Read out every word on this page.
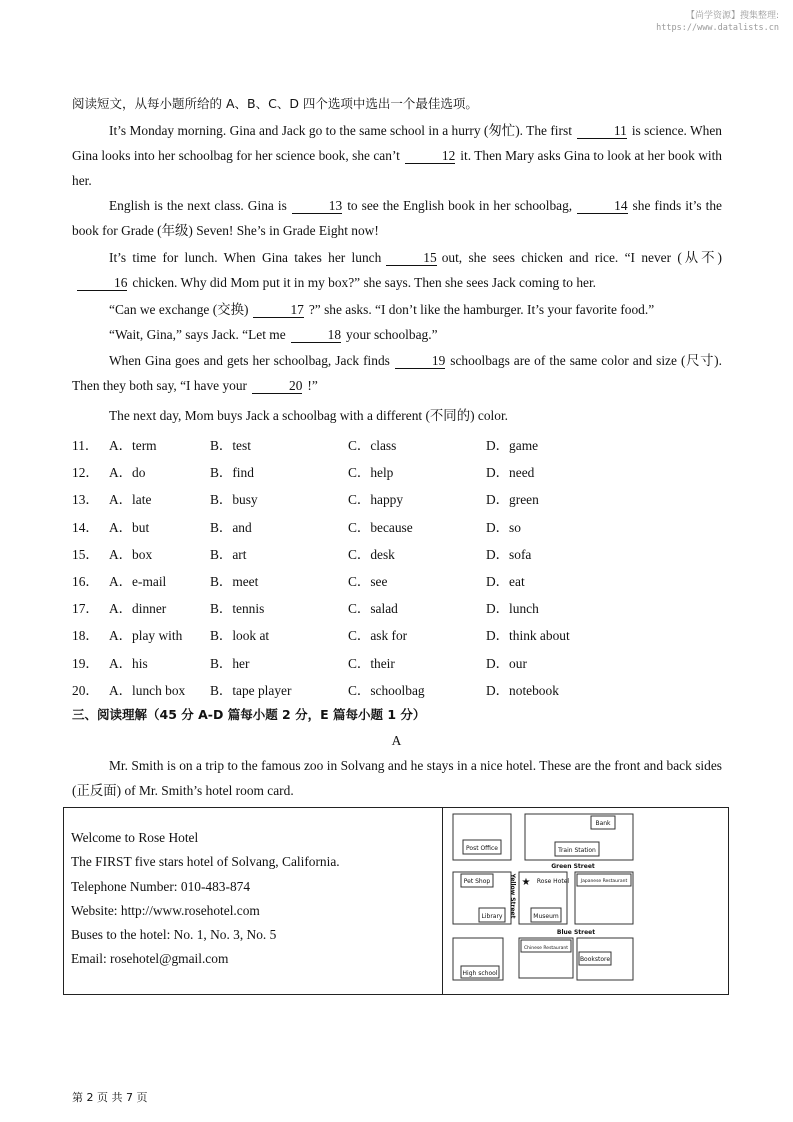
【尚学资源】搜集整理:
https://www.datalists.cn
阅读短文，从每小题所给的 A、B、C、D 四个选项中选出一个最佳选项。
It’s Monday morning. Gina and Jack go to the same school in a hurry (匆忙). The first	11 is science. When Gina looks into her schoolbag for her science book, she can’t	12 it. Then Mary asks Gina to look at her book with her.
English is the next class. Gina is	13 to see the English book in her schoolbag,	14 she finds it’s the book for Grade (年级) Seven! She’s in Grade Eight now!
It’s time for lunch. When Gina takes her lunch	15 out, she sees chicken and rice. “I never (从不)16 chicken. Why did Mom put it in my box?” she says. Then she sees Jack coming to her.
“Can we exchange (交换)	17 ?” she asks. “I don’t like the hamburger. It’s your favorite food.”
“Wait, Gina,” says Jack. “Let me	18 your schoolbag.”
When Gina goes and gets her schoolbag, Jack finds	19 schoolbags are of the same color and size (尺寸). Then they both say, “I have your	20 !”
The next day, Mom buys Jack a schoolbag with a different (不同的) color.
11． A．term	B．test	C．class	D．game
12． A．do	B．find	C．help	D．need
13． A．late	B．busy	C．happy	D．green
14． A．but	B．and	C．because	D．so
15． A．box	B．art	C．desk	D．sofa
16． A．e-mail	B．meet	C．see	D．eat
17． A．dinner	B．tennis	C．salad	D．lunch
18． A．play with B．look at	C．ask for	D．think about
19． A．his	B．her	C．their	D．our
20． A．lunch box B．tape player	C．schoolbag	D．notebook
三、阅读理解（45 分 A-D 篇每小题 2 分，E 篇每小题 1 分）
A
Mr. Smith is on a trip to the famous zoo in Solvang and he stays in a nice hotel. These are the front and back sides (正反面) of Mr. Smith’s hotel room card.
Welcome to Rose Hotel
The FIRST five stars hotel of Solvang, California.
Telephone Number: 010-483-874
Website: http://www.rosehotel.com
Buses to the hotel: No. 1, No. 3, No. 5
Email: rosehotel@gmail.com
Bank
Post Office	Train Station
Green Street
Pet Shop	Rose Hotel	Japanese Restaurant
Library	Museum
Blue Street
Chinese Restaurant
Bookstore
High school
★
Yellow Street
第 2 页 共 7 页
